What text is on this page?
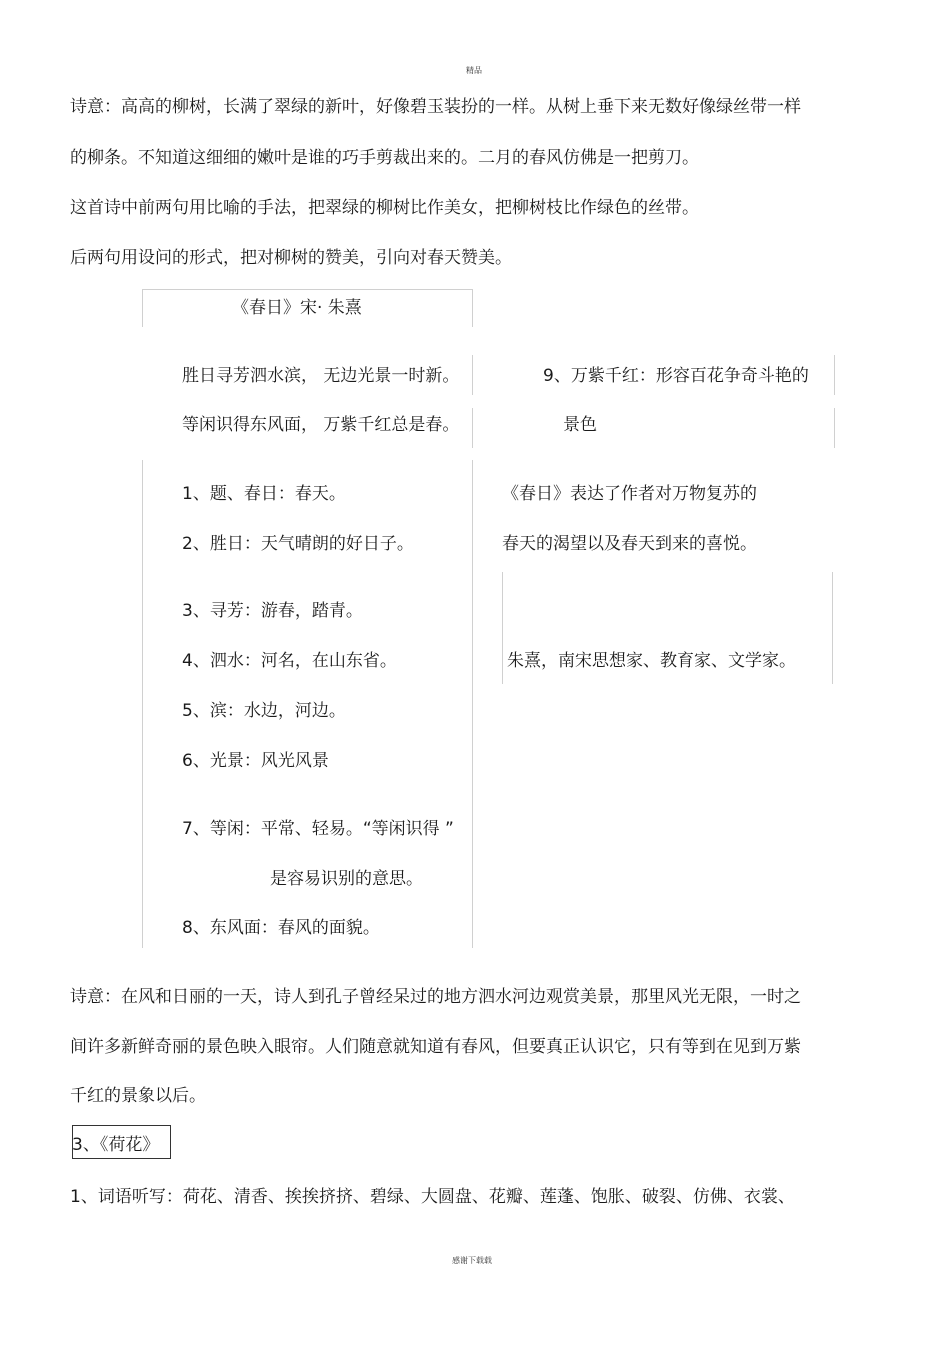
精品
诗意：高高的柳树，长满了翠绿的新叶，好像碧玉装扮的一样。从树上垂下来无数好像绿丝带一样
的柳条。不知道这细细的嫩叶是谁的巧手剪裁出来的。二月的春风仿佛是一把剪刀。
这首诗中前两句用比喻的手法，把翠绿的柳树比作美女，把柳树枝比作绿色的丝带。
后两句用设问的形式，把对柳树的赞美，引向对春天赞美。
《春日》宋· 朱熹
胜日寻芳泗水滨， 无边光景一时新。
等闲识得东风面， 万紫千红总是春。
9、万紫千红：形容百花争奇斗艳的
景色
《春日》表达了作者对万物复苏的
春天的渴望以及春天到来的喜悦。
朱熹，南宋思想家、教育家、文学家。
1、题、春日：春天。
2、胜日：天气晴朗的好日子。
3、寻芳：游春，踏青。
4、泗水：河名，在山东省。
5、滨：水边，河边。
6、光景：风光风景
7、等闲：平常、轻易。“等闲识得 ”
是容易识别的意思。
8、东风面：春风的面貌。
诗意：在风和日丽的一天，诗人到孔子曾经呆过的地方泗水河边观赏美景，那里风光无限，一时之
间许多新鲜奇丽的景色映入眼帘。人们随意就知道有春风，但要真正认识它，只有等到在见到万紫
千红的景象以后。
3、《荷花》
1、词语听写：荷花、清香、挨挨挤挤、碧绿、大圆盘、花瓣、莲蓬、饱胀、破裂、仿佛、衣裳、
感谢下载载
